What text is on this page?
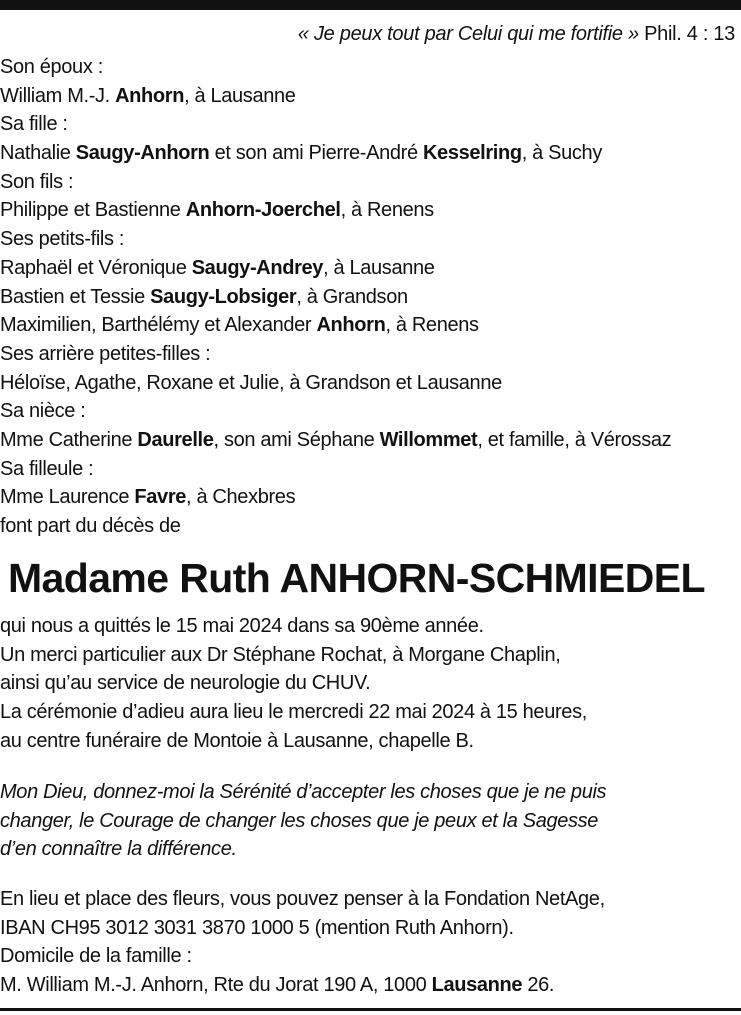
« Je peux tout par Celui qui me fortifie » Phil. 4 : 13
Son époux :
William M.-J. Anhorn, à Lausanne
Sa fille :
Nathalie Saugy-Anhorn et son ami Pierre-André Kesselring, à Suchy
Son fils :
Philippe et Bastienne Anhorn-Joerchel, à Renens
Ses petits-fils :
Raphaël et Véronique Saugy-Andrey, à Lausanne
Bastien et Tessie Saugy-Lobsiger, à Grandson
Maximilien, Barthélémy et Alexander Anhorn, à Renens
Ses arrière petites-filles :
Héloïse, Agathe, Roxane et Julie, à Grandson et Lausanne
Sa nièce :
Mme Catherine Daurelle, son ami Séphane Willommet, et famille, à Vérossaz
Sa filleule :
Mme Laurence Favre, à Chexbres
font part du décès de
Madame Ruth ANHORN-SCHMIEDEL
qui nous a quittés le 15 mai 2024 dans sa 90ème année.
Un merci particulier aux Dr Stéphane Rochat, à Morgane Chaplin,
ainsi qu’au service de neurologie du CHUV.
La cérémonie d’adieu aura lieu le mercredi 22 mai 2024 à 15 heures,
au centre funéraire de Montoie à Lausanne, chapelle B.
Mon Dieu, donnez-moi la Sérénité d’accepter les choses que je ne puis
changer, le Courage de changer les choses que je peux et la Sagesse
d’en connaître la différence.
En lieu et place des fleurs, vous pouvez penser à la Fondation NetAge,
IBAN CH95 3012 3031 3870 1000 5 (mention Ruth Anhorn).
Domicile de la famille :
M. William M.-J. Anhorn, Rte du Jorat 190 A, 1000 Lausanne 26.
